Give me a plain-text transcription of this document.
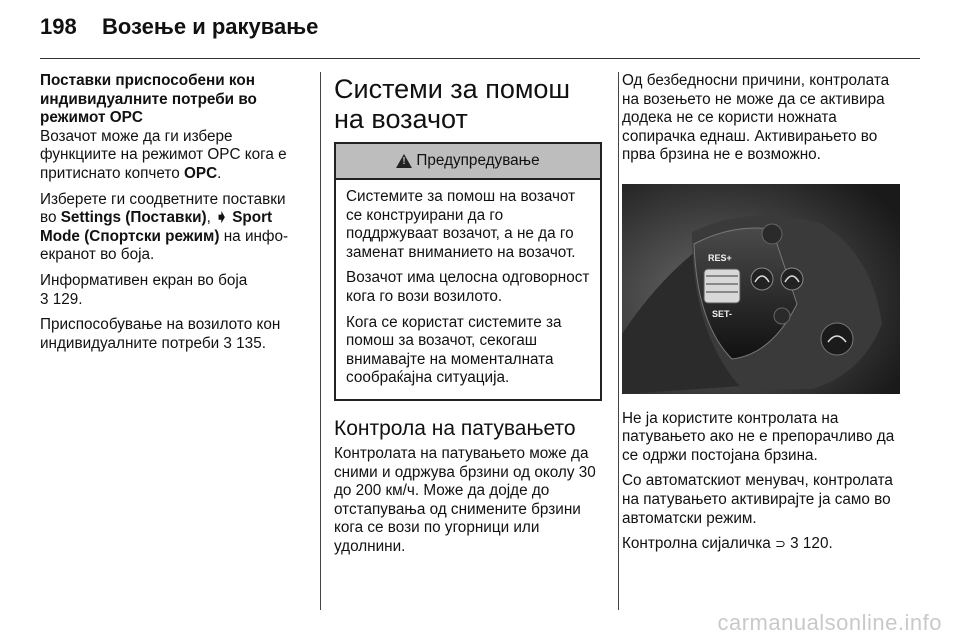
198 Возење и ракување

Поставки приспособени кон
индивидуалните потреби во
режимот OPC

Возачот може да ги избере функциите на режимот OPC кога е притиснато копчето OPC.

Изберете ги соодветните поставки во Settings (Поставки), ➧ Sport Mode (Спортски режим) на инфо-екранот во боја.

Информативен екран во боја
3 129.

Приспособување на возилото кон индивидуалните потреби 3 135.

Системи за помош на возачот
! Предупредување

Системите за помош на возачот се конструирани да го поддржуваат возачот, а не да го заменат вниманието на возачот.

Возачот има целосна одговорност кога го вози возилото.

Кога се користат системите за помош за возачот, секогаш внимавајте на моменталната сообраќајна ситуација.

Контрола на патувањето

Контролата на патувањето може да сними и одржува брзини од околу 30 до 200 км/ч. Може да дојде до отстапувања од снимените брзини кога се вози по угорници или удолнини.

Од безбедносни причини, контролата на возењето не може да се активира додека не се користи ножната сопирачка еднаш. Активирањето во прва брзина не е возможно.

RES+
SET-

Не ја користите контролата на патувањето ако не е препорачливо да се одржи постојана брзина.

Со автоматскиот менувач, контролата на патувањето активирајте ја само во автоматски режим.

Контролна сијаличка ⊃ 3 120.

carmanualsonline.info
